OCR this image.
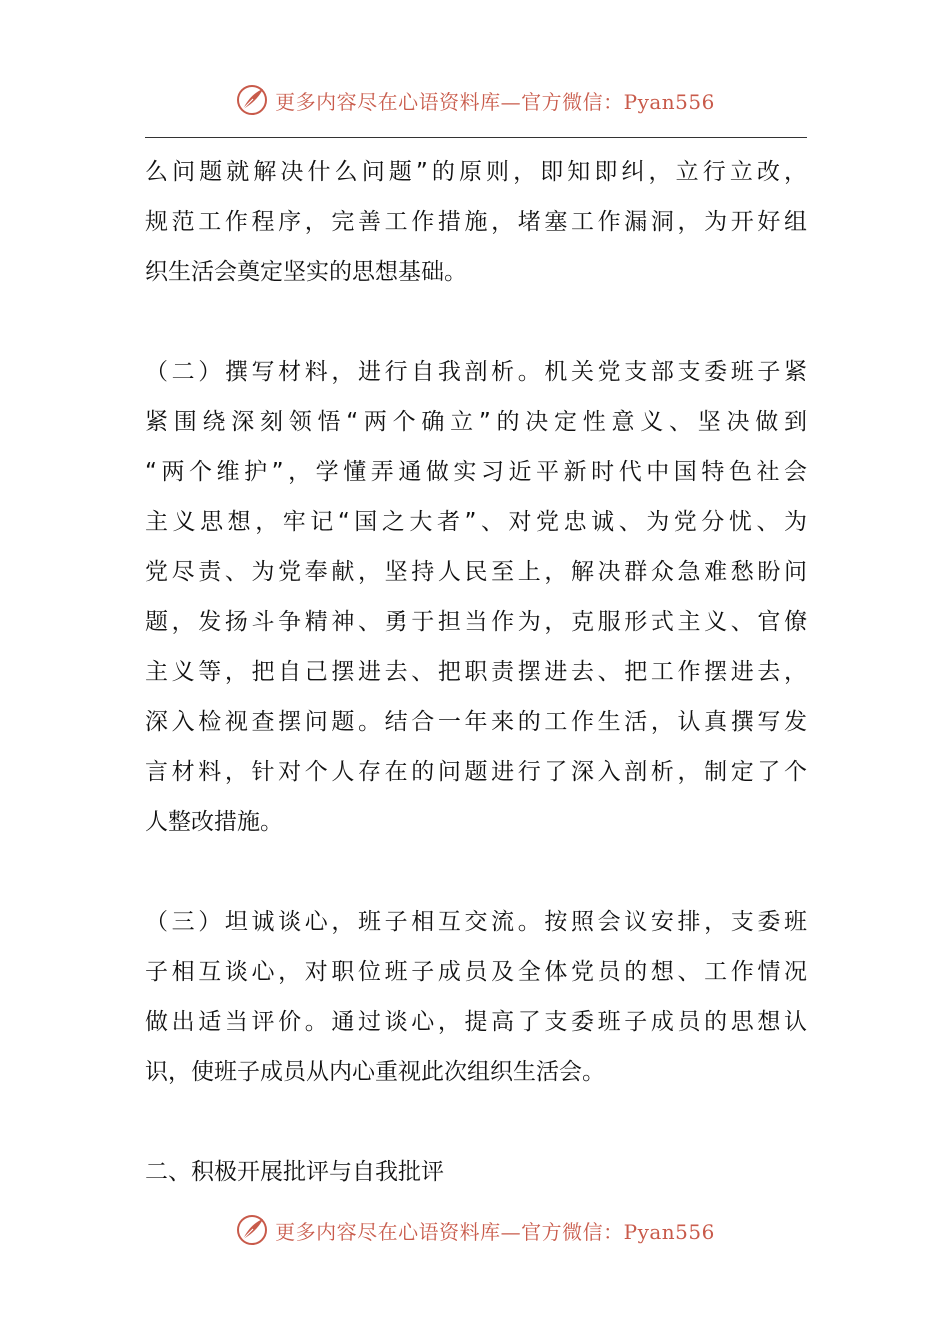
更多内容尽在心语资料库—官方微信：Pyan556
么问题就解决什么问题”的原则，即知即纠，立行立改，
规范工作程序，完善工作措施，堵塞工作漏洞，为开好组
织生活会奠定坚实的思想基础。
（二）撰写材料，进行自我剖析。机关党支部支委班子紧
紧围绕深刻领悟“两个确立”的决定性意义、坚决做到
“两个维护”，学懂弄通做实习近平新时代中国特色社会
主义思想，牢记“国之大者”、对党忠诚、为党分忧、为
党尽责、为党奉献，坚持人民至上，解决群众急难愁盼问
题，发扬斗争精神、勇于担当作为，克服形式主义、官僚
主义等，把自己摆进去、把职责摆进去、把工作摆进去，
深入检视查摆问题。结合一年来的工作生活，认真撰写发
言材料，针对个人存在的问题进行了深入剖析，制定了个
人整改措施。
（三）坦诚谈心，班子相互交流。按照会议安排，支委班
子相互谈心，对职位班子成员及全体党员的想、工作情况
做出适当评价。通过谈心，提高了支委班子成员的思想认
识，使班子成员从内心重视此次组织生活会。
二、积极开展批评与自我批评
更多内容尽在心语资料库—官方微信：Pyan556
